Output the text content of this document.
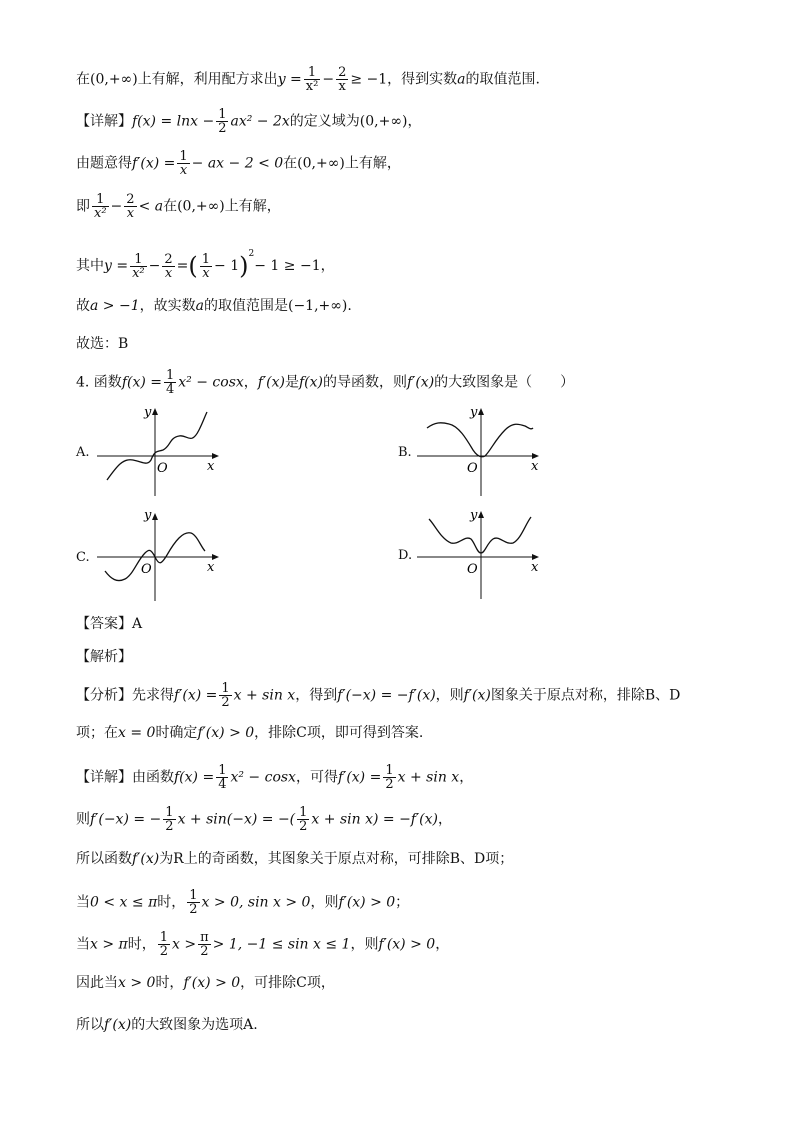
在(0,+∞)上有解，利用配方求出$y = \frac{1}{\text{x²}} - \frac{2}{x} \ge -1$，得到实数a的取值范围.
【详解】$f(x) = \ln x - \frac{1}{2} ax^2 - 2x$的定义域为(0,+∞)，
由题意得$f'(x) = \frac{1}{x}$ − ax − 2 < 0在(0,+∞)上有解，
即 $\frac{1}{\text{x²}} - \frac{2}{x} < a$在(0,+∞)上有解，
其中$y = \frac{1}{\text{x²}} - \frac{2}{x}$ =( $\frac{1}{x} - 1)^2- 1 \ge -1$，
故a > −1，故实数a的取值范围是(−1,+∞).
故选：B
4. 函数$f(x) = \frac{1}{4} x^2 - \cos x$，f′(x)是f(x)的导函数，则f′(x)的大致图象是（　　）
A.
y
x
O
B.
y
x
O
C.
y
x
O
D.
y
x
O
【答案】A
【解析】
【分析】先求得$f'(x) = \frac{1}{2}$ x + sin x，得到f′(−x) = −f′(x)，则f′(x)图象关于原点对称，排除B、D
项；在x = 0时确定f′(x) > 0，排除C项，即可得到答案.
【详解】由函数$f(x) = \frac{1}{4} x^2 - \cos x$，可得$f'(x) = \frac{1}{2}$ x + sin x，
则f′(−x) = − $\frac{1}{2}$ x + sin(−x) = −( $\frac{1}{2}$ x + sin x) = −f′(x)，
所以函数f′(x)为R上的奇函数，其图象关于原点对称，可排除B、D项；
当0 < x ≤ π时， $\frac{1}{2}$ x > 0, sin x > 0，则f′(x) > 0；
当x > π时， $\frac{1}{2}$ $x > \frac{\pi}{2} > 1$, −1 ≤ sin x ≤ 1，则f′(x) > 0，
因此当x > 0时，f′(x) > 0，可排除C项，
所以f′(x)的大致图象为选项A.
